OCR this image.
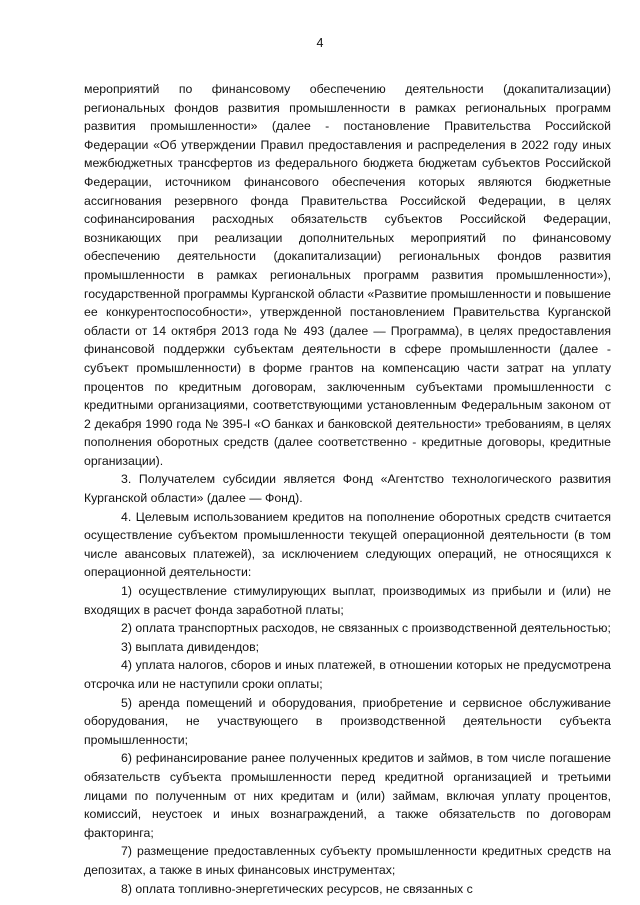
4

мероприятий по финансовому обеспечению деятельности (докапитализации) региональных фондов развития промышленности в рамках региональных программ развития промышленности» (далее - постановление Правительства Российской Федерации «Об утверждении Правил предоставления и распределения в 2022 году иных межбюджетных трансфертов из федерального бюджета бюджетам субъектов Российской Федерации, источником финансового обеспечения которых являются бюджетные ассигнования резервного фонда Правительства Российской Федерации, в целях софинансирования расходных обязательств субъектов Российской Федерации, возникающих при реализации дополнительных мероприятий по финансовому обеспечению деятельности (докапитализации) региональных фондов развития промышленности в рамках региональных программ развития промышленности»), государственной программы Курганской области «Развитие промышленности и повышение ее конкурентоспособности», утвержденной постановлением Правительства Курганской области от 14 октября 2013 года № 493 (далее — Программа), в целях предоставления финансовой поддержки субъектам деятельности в сфере промышленности (далее - субъект промышленности) в форме грантов на компенсацию части затрат на уплату процентов по кредитным договорам, заключенным субъектами промышленности с кредитными организациями, соответствующими установленным Федеральным законом от 2 декабря 1990 года № 395-I «О банках и банковской деятельности» требованиям, в целях пополнения оборотных средств (далее соответственно - кредитные договоры, кредитные организации).

3. Получателем субсидии является Фонд «Агентство технологического развития Курганской области» (далее — Фонд).

4. Целевым использованием кредитов на пополнение оборотных средств считается осуществление субъектом промышленности текущей операционной деятельности (в том числе авансовых платежей), за исключением следующих операций, не относящихся к операционной деятельности:

1) осуществление стимулирующих выплат, производимых из прибыли и (или) не входящих в расчет фонда заработной платы;

2) оплата транспортных расходов, не связанных с производственной деятельностью;

3) выплата дивидендов;

4) уплата налогов, сборов и иных платежей, в отношении которых не предусмотрена отсрочка или не наступили сроки оплаты;

5) аренда помещений и оборудования, приобретение и сервисное обслуживание оборудования, не участвующего в производственной деятельности субъекта промышленности;

6) рефинансирование ранее полученных кредитов и займов, в том числе погашение обязательств субъекта промышленности перед кредитной организацией и третьими лицами по полученным от них кредитам и (или) займам, включая уплату процентов, комиссий, неустоек и иных вознаграждений, а также обязательств по договорам факторинга;

7) размещение предоставленных субъекту промышленности кредитных средств на депозитах, а также в иных финансовых инструментах;

8) оплата топливно-энергетических ресурсов, не связанных с
